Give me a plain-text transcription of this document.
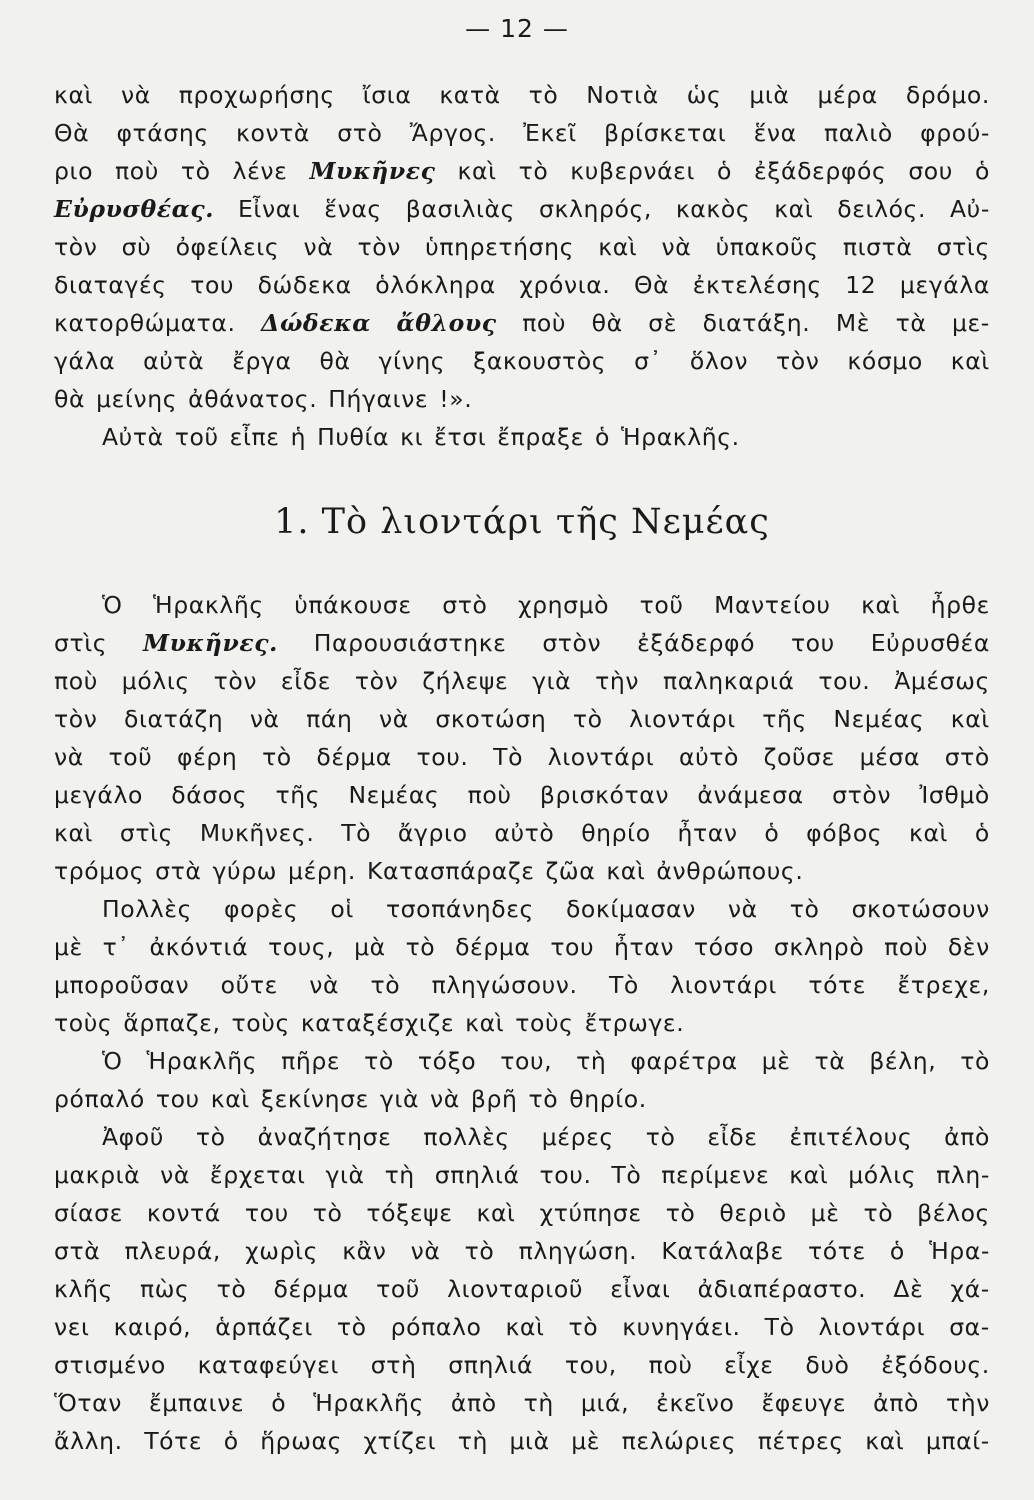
— 12 —
καὶ νὰ προχωρήσης ἴσια κατὰ τὸ Νοτιὰ ὡς μιὰ μέρα δρόμο.
Θὰ φτάσης κοντὰ στὸ Ἄργος. Ἐκεῖ βρίσκεται ἕνα παλιὸ φρού-
ριο ποὺ τὸ λένε Μυκῆνες καὶ τὸ κυβερνάει ὁ ἐξάδερφός σου ὁ
Εὐρυσθέας. Εἶναι ἕνας βασιλιὰς σκληρός, κακὸς καὶ δειλός. Αὐ-
τὸν σὺ ὀφείλεις νὰ τὸν ὑπηρετήσης καὶ νὰ ὑπακοῦς πιστὰ στὶς
διαταγές του δώδεκα ὁλόκληρα χρόνια. Θὰ ἐκτελέσης 12 μεγάλα
κατορθώματα. Δώδεκα ἄθλους ποὺ θὰ σὲ διατάξη. Μὲ τὰ με-
γάλα αὐτὰ ἔργα θὰ γίνης ξακουστὸς σ᾽ ὅλον τὸν κόσμο καὶ
θὰ μείνης ἀθάνατος. Πήγαινε !».
Αὐτὰ τοῦ εἶπε ἡ Πυθία κι ἔτσι ἔπραξε ὁ Ἡρακλῆς.
1. Τὸ λιοντάρι τῆς Νεμέας
Ὁ Ἡρακλῆς ὑπάκουσε στὸ χρησμὸ τοῦ Μαντείου καὶ ἦρθε
στὶς Μυκῆνες. Παρουσιάστηκε στὸν ἐξάδερφό του Εὐρυσθέα
ποὺ μόλις τὸν εἶδε τὸν ζήλεψε γιὰ τὴν παληκαριά του. Ἀμέσως
τὸν διατάζη νὰ πάη νὰ σκοτώση τὸ λιοντάρι τῆς Νεμέας καὶ
νὰ τοῦ φέρη τὸ δέρμα του. Τὸ λιοντάρι αὐτὸ ζοῦσε μέσα στὸ
μεγάλο δάσος τῆς Νεμέας ποὺ βρισκόταν ἀνάμεσα στὸν Ἰσθμὸ
καὶ στὶς Μυκῆνες. Τὸ ἄγριο αὐτὸ θηρίο ἦταν ὁ φόβος καὶ ὁ
τρόμος στὰ γύρω μέρη. Κατασπάραζε ζῶα καὶ ἀνθρώπους.
Πολλὲς φορὲς οἱ τσοπάνηδες δοκίμασαν νὰ τὸ σκοτώσουν
μὲ τ᾽ ἀκόντιά τους, μὰ τὸ δέρμα του ἦταν τόσο σκληρὸ ποὺ δὲν
μποροῦσαν οὔτε νὰ τὸ πληγώσουν. Τὸ λιοντάρι τότε ἔτρεχε,
τοὺς ἅρπαζε, τοὺς καταξέσχιζε καὶ τοὺς ἔτρωγε.
Ὁ Ἡρακλῆς πῆρε τὸ τόξο του, τὴ φαρέτρα μὲ τὰ βέλη, τὸ
ρόπαλό του καὶ ξεκίνησε γιὰ νὰ βρῆ τὸ θηρίο.
Ἀφοῦ τὸ ἀναζήτησε πολλὲς μέρες τὸ εἶδε ἐπιτέλους ἀπὸ
μακριὰ νὰ ἔρχεται γιὰ τὴ σπηλιά του. Τὸ περίμενε καὶ μόλις πλη-
σίασε κοντά του τὸ τόξεψε καὶ χτύπησε τὸ θεριὸ μὲ τὸ βέλος
στὰ πλευρά, χωρὶς κἂν νὰ τὸ πληγώση. Κατάλαβε τότε ὁ Ἡρα-
κλῆς πὼς τὸ δέρμα τοῦ λιονταριοῦ εἶναι ἀδιαπέραστο. Δὲ χά-
νει καιρό, ἁρπάζει τὸ ρόπαλο καὶ τὸ κυνηγάει. Τὸ λιοντάρι σα-
στισμένο καταφεύγει στὴ σπηλιά του, ποὺ εἶχε δυὸ ἐξόδους.
Ὅταν ἔμπαινε ὁ Ἡρακλῆς ἀπὸ τὴ μιά, ἐκεῖνο ἔφευγε ἀπὸ τὴν
ἄλλη. Τότε ὁ ἥρωας χτίζει τὴ μιὰ μὲ πελώριες πέτρες καὶ μπαί-
